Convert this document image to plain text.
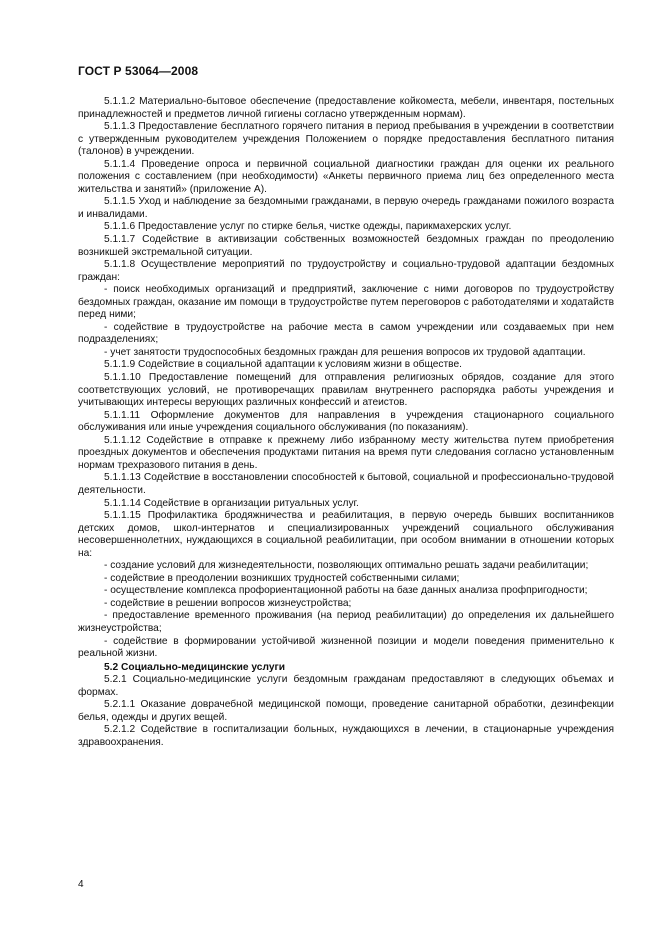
ГОСТ Р 53064—2008

5.1.1.2 Материально-бытовое обеспечение (предоставление койкоместа, мебели, инвентаря, постельных принадлежностей и предметов личной гигиены согласно утвержденным нормам).

5.1.1.3 Предоставление бесплатного горячего питания в период пребывания в учреждении в соответствии с утвержденным руководителем учреждения Положением о порядке предоставления бесплатного питания (талонов) в учреждении.

5.1.1.4 Проведение опроса и первичной социальной диагностики граждан для оценки их реального положения с составлением (при необходимости) «Анкеты первичного приема лиц без определенного места жительства и занятий» (приложение А).

5.1.1.5 Уход и наблюдение за бездомными гражданами, в первую очередь гражданами пожилого возраста и инвалидами.

5.1.1.6 Предоставление услуг по стирке белья, чистке одежды, парикмахерских услуг.

5.1.1.7 Содействие в активизации собственных возможностей бездомных граждан по преодолению возникшей экстремальной ситуации.

5.1.1.8 Осуществление мероприятий по трудоустройству и социально-трудовой адаптации бездомных граждан:

- поиск необходимых организаций и предприятий, заключение с ними договоров по трудоустройству бездомных граждан, оказание им помощи в трудоустройстве путем переговоров с работодателями и ходатайств перед ними;

- содействие в трудоустройстве на рабочие места в самом учреждении или создаваемых при нем подразделениях;

- учет занятости трудоспособных бездомных граждан для решения вопросов их трудовой адаптации.

5.1.1.9 Содействие в социальной адаптации к условиям жизни в обществе.

5.1.1.10 Предоставление помещений для отправления религиозных обрядов, создание для этого соответствующих условий, не противоречащих правилам внутреннего распорядка работы учреждения и учитывающих интересы верующих различных конфессий и атеистов.

5.1.1.11 Оформление документов для направления в учреждения стационарного социального обслуживания или иные учреждения социального обслуживания (по показаниям).

5.1.1.12 Содействие в отправке к прежнему либо избранному месту жительства путем приобретения проездных документов и обеспечения продуктами питания на время пути следования согласно установленным нормам трехразового питания в день.

5.1.1.13 Содействие в восстановлении способностей к бытовой, социальной и профессионально-трудовой деятельности.

5.1.1.14 Содействие в организации ритуальных услуг.

5.1.1.15 Профилактика бродяжничества и реабилитация, в первую очередь бывших воспитанников детских домов, школ-интернатов и специализированных учреждений социального обслуживания несовершеннолетних, нуждающихся в социальной реабилитации, при особом внимании в отношении которых на:

- создание условий для жизнедеятельности, позволяющих оптимально решать задачи реабилитации;

- содействие в преодолении возникших трудностей собственными силами;

- осуществление комплекса профориентационной работы на базе данных анализа профпригодности;

- содействие в решении вопросов жизнеустройства;

- предоставление временного проживания (на период реабилитации) до определения их дальнейшего жизнеустройства;

- содействие в формировании устойчивой жизненной позиции и модели поведения применительно к реальной жизни.

5.2 Социально-медицинские услуги

5.2.1 Социально-медицинские услуги бездомным гражданам предоставляют в следующих объемах и формах.

5.2.1.1 Оказание доврачебной медицинской помощи, проведение санитарной обработки, дезинфекции белья, одежды и других вещей.

5.2.1.2 Содействие в госпитализации больных, нуждающихся в лечении, в стационарные учреждения здравоохранения.

4
